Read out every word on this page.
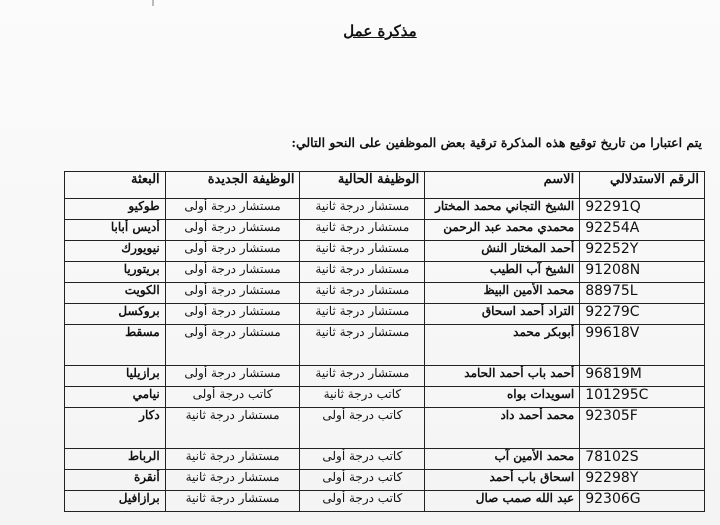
مذكرة عمل
يتم اعتبارا من تاريخ توقيع هذه المذكرة ترقية بعض الموظفين على النحو التالي:
الرقم الاستدلالي	الاسم	الوظيفة الحالية	الوظيفة الجديدة	البعثة
92291Q	الشيخ التجاني محمد المختار	مستشار درجة ثانية	مستشار درجة أولى	طوكيو
92254A	محمدي محمد عبد الرحمن	مستشار درجة ثانية	مستشار درجة أولى	أديس أبابا
92252Y	أحمد المختار النش	مستشار درجة ثانية	مستشار درجة أولى	نيويورك
91208N	الشيخ آب الطيب	مستشار درجة ثانية	مستشار درجة أولى	بريتوريا
88975L	محمد الأمين البيظ	مستشار درجة ثانية	مستشار درجة أولى	الكويت
92279C	التراد أحمد اسحاق	مستشار درجة ثانية	مستشار درجة أولى	بروكسل
99618V	أبوبكر محمد	مستشار درجة ثانية	مستشار درجة أولى	مسقط
96819M	أحمد باب أحمد الحامد	مستشار درجة ثانية	مستشار درجة أولى	برازيليا
101295C	اسويدات بواه	كاتب درجة ثانية	كاتب درجة أولى	نيامي
92305F	محمد أحمد داد	كاتب درجة أولى	مستشار درجة ثانية	دكار
78102S	محمد الأمين آب	كاتب درجة أولى	مستشار درجة ثانية	الرباط
92298Y	اسحاق باب أحمد	كاتب درجة أولى	مستشار درجة ثانية	أنقرة
92306G	عبد الله صمب صال	كاتب درجة أولى	مستشار درجة ثانية	برازافيل
